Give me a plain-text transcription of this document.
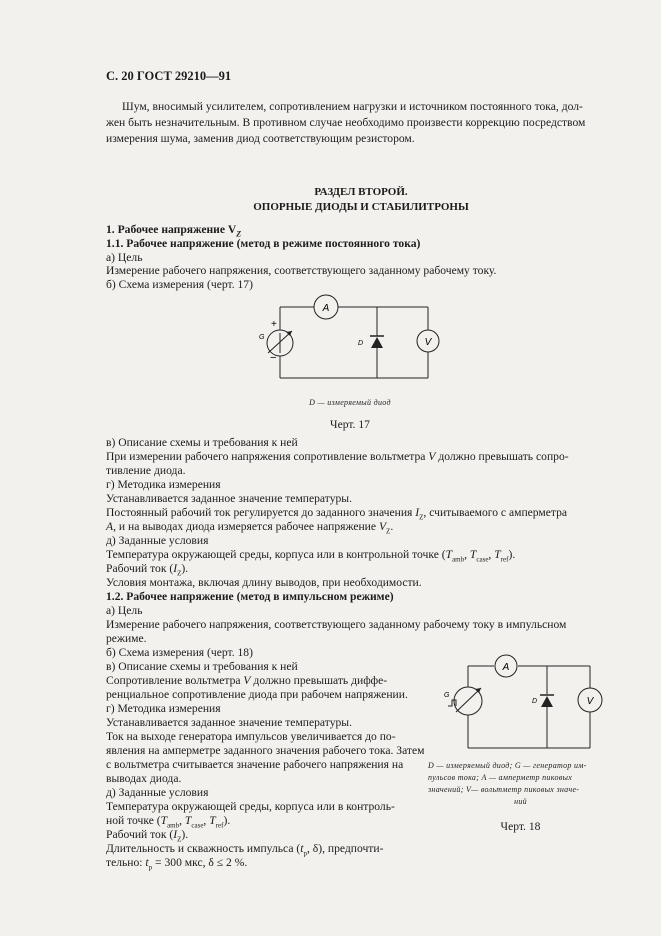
С. 20 ГОСТ 29210—91
Шум, вносимый усилителем, сопротивлением нагрузки и источником постоянного тока, дол-
жен быть незначительным. В противном случае необходимо произвести коррекцию посредством
измерения шума, заменив диод соответствующим резистором.
РАЗДЕЛ ВТОРОЙ.
ОПОРНЫЕ ДИОДЫ И СТАБИЛИТРОНЫ
1. Рабочее напряжение $V_Z$
1.1. Рабочее напряжение (метод в режиме постоянного тока)
а) Цель
Измерение рабочего напряжения, соответствующего заданному рабочему току.
б) Схема измерения (черт. 17)
A
+
−
G
D	V
D — измеряемый диод
Черт. 17
в) Описание схемы и требования к ней
При измерении рабочего напряжения сопротивление вольтметра V должно превышать сопро-
тивление диода.
г) Методика измерения
Устанавливается заданное значение температуры.
Постоянный рабочий ток регулируется до заданного значения $I_Z$, считываемого с амперметра
A, и на выводах диода измеряется рабочее напряжение $V_Z$.
д) Заданные условия
Температура окружающей среды, корпуса или в контрольной точке ($T_{amb}$, $T_{case}$, $T_{ref}$).
Рабочий ток $(I_Z)$.
Условия монтажа, включая длину выводов, при необходимости.
1.2. Рабочее напряжение (метод в импульсном режиме)
а) Цель
Измерение рабочего напряжения, соответствующего заданному рабочему току в импульсном
режиме.
б) Схема измерения (черт. 18)
в) Описание схемы и требования к ней
Сопротивление вольтметра V должно превышать диффе-
ренциальное сопротивление диода при рабочем напряжении.
г) Методика измерения
Устанавливается заданное значение температуры.
Ток на выходе генератора импульсов увеличивается до по-
явления на амперметре заданного значения рабочего тока. Затем
с вольтметра считывается значение рабочего напряжения на
выводах диода.
д) Заданные условия
Температура окружающей среды, корпуса или в контроль-
ной точке ($T_{amb}$, $T_{case}$, $T_{ref}$).
Рабочий ток $(I_Z)$.
Длительность и скважность импульса ($t_p$, δ), предпочти-
тельно: $t_p = 300$ мкс, δ ≤ 2 %.
A
G
D	V
D — измеряемый диод; G — генератор им-
пульсов тока; A — амперметр пиковых
значений; V— вольтметр пиковых значе-
ний
Черт. 18
